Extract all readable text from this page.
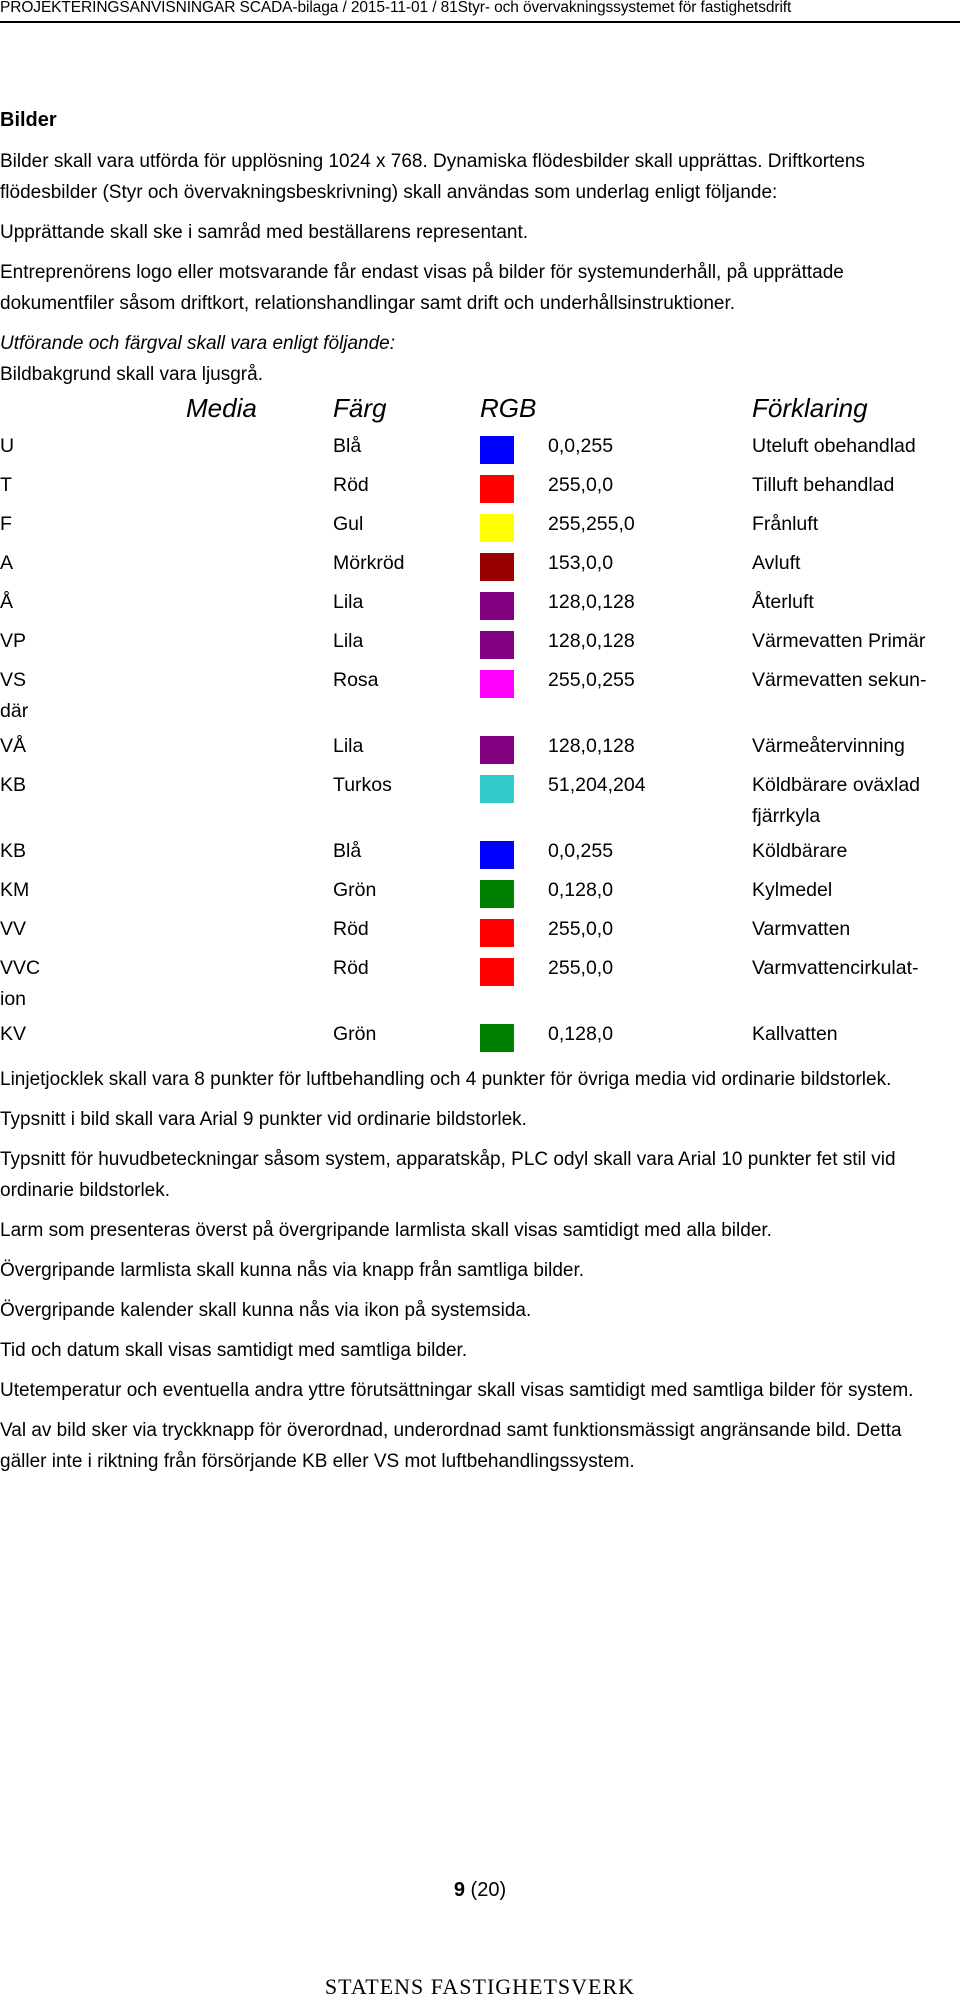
PROJEKTERINGSANVISNINGAR SCADA-bilaga / 2015-11-01 / 81Styr- och övervakningssystemet för fastighetsdrift
Bilder
Bilder skall vara utförda för upplösning 1024 x 768. Dynamiska flödesbilder skall upprättas. Driftkortens flödesbilder (Styr och övervakningsbeskrivning) skall användas som underlag enligt följande:
Upprättande skall ske i samråd med beställarens representant.
Entreprenörens logo eller motsvarande får endast visas på bilder för systemunderhåll, på upprättade dokumentfiler såsom driftkort, relationshandlingar samt drift och underhållsinstruktioner.
Utförande och färgval skall vara enligt följande:
Bildbakgrund skall vara ljusgrå.
Media	Färg	RGB	Förklaring
U	Blå	0,0,255	Uteluft obehandlad
T	Röd	255,0,0	Tilluft behandlad
F	Gul	255,255,0	Frånluft
A	Mörkröd	153,0,0	Avluft
Å	Lila	128,0,128	Återluft
VP	Lila	128,0,128	Värmevatten Primär
VS	Rosa	255,0,255	Värmevatten sekun-
där
VÅ	Lila	128,0,128	Värmeåtervinning
KB	Turkos	51,204,204	Köldbärare oväxlad
fjärrkyla
KB	Blå	0,0,255	Köldbärare
KM	Grön	0,128,0	Kylmedel
VV	Röd	255,0,0	Varmvatten
VVC	Röd	255,0,0	Varmvattencirkulat-
ion
KV	Grön	0,128,0	Kallvatten
Linjetjocklek skall vara 8 punkter för luftbehandling och 4 punkter för övriga media vid ordinarie bildstorlek.
Typsnitt i bild skall vara Arial 9 punkter vid ordinarie bildstorlek.
Typsnitt för huvudbeteckningar såsom system, apparatskåp, PLC odyl skall vara Arial 10 punkter fet stil vid ordinarie bildstorlek.
Larm som presenteras överst på övergripande larmlista skall visas samtidigt med alla bilder.
Övergripande larmlista skall kunna nås via knapp från samtliga bilder.
Övergripande kalender skall kunna nås via ikon på systemsida.
Tid och datum skall visas samtidigt med samtliga bilder.
Utetemperatur och eventuella andra yttre förutsättningar skall visas samtidigt med samtliga bilder för system.
Val av bild sker via tryckknapp för överordnad, underordnad samt funktionsmässigt angränsande bild. Detta gäller inte i riktning från försörjande KB eller VS mot luftbehandlingssystem.
9 (20)
STATENS FASTIGHETSVERK
